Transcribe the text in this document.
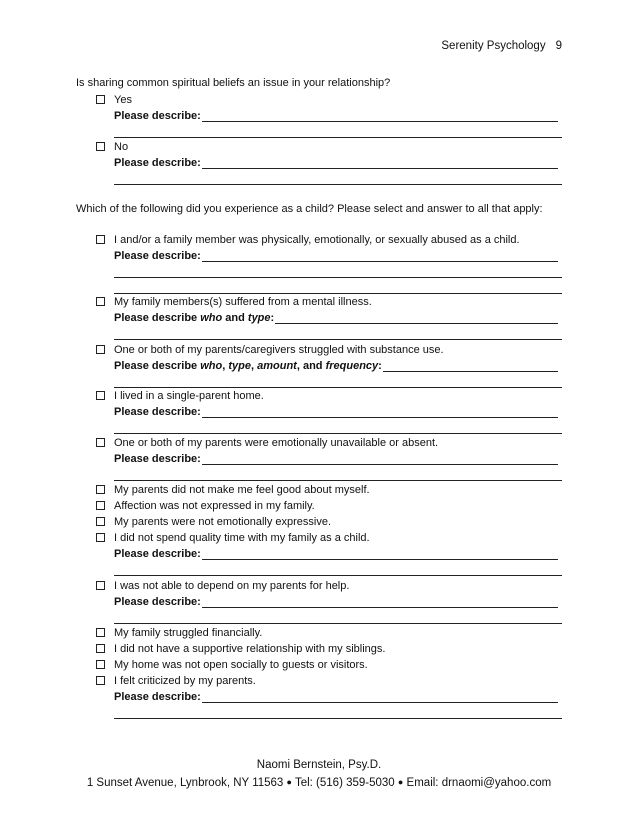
Serenity Psychology 9
Is sharing common spiritual beliefs an issue in your relationship?
Yes
Please describe:
No
Please describe:
Which of the following did you experience as a child? Please select and answer to all that apply:
I and/or a family member was physically, emotionally, or sexually abused as a child.
Please describe:
My family members(s) suffered from a mental illness.
Please describe who and type:
One or both of my parents/caregivers struggled with substance use.
Please describe who, type, amount, and frequency:
I lived in a single-parent home.
Please describe:
One or both of my parents were emotionally unavailable or absent.
Please describe:
My parents did not make me feel good about myself.
Affection was not expressed in my family.
My parents were not emotionally expressive.
I did not spend quality time with my family as a child.
Please describe:
I was not able to depend on my parents for help.
Please describe:
My family struggled financially.
I did not have a supportive relationship with my siblings.
My home was not open socially to guests or visitors.
I felt criticized by my parents.
Please describe:
Naomi Bernstein, Psy.D.
1 Sunset Avenue, Lynbrook, NY 11563 ● Tel: (516) 359-5030 ● Email: drnaomi@yahoo.com
